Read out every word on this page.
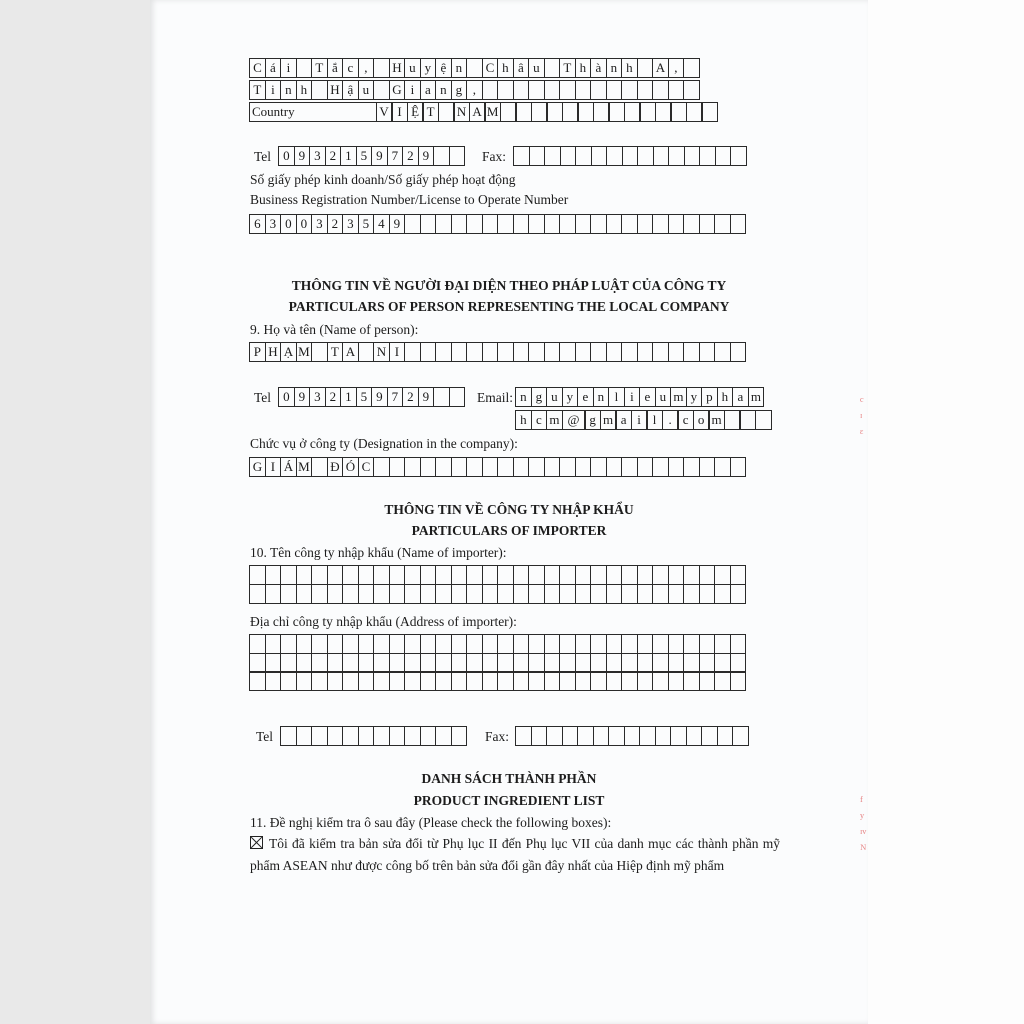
ᶜ
ᶦ
ᵋ
ᶠ
ʸ
ᶦᵛ
ᴺ
C á i	T ắ c ,	H u y ệ n	C h â u	T h à n h	A ,
T i n h	H ậ u	G i a n g ,
Country	V I Ệ T	N A M
Tel 0 9 3 2 1 5 9 7 2 9	Fax:
Số giấy phép kinh doanh/Số giấy phép hoạt động
Business Registration Number/License to Operate Number
6 3 0 0 3 2 3 5 4 9
THÔNG TIN VỀ NGƯỜI ĐẠI DIỆN THEO PHÁP LUẬT CỦA CÔNG TY
PARTICULARS OF PERSON REPRESENTING THE LOCAL COMPANY
9. Họ và tên (Name of person):
P H Ạ M	T A N I
Tel 0 9 3 2 1 5 9 7 2 9	Email: n g u y e n l i e u m y p h a m
h c m @ g m a i l . c o m
Chức vụ ở công ty (Designation in the company):
G I Á M Đ Ó C
THÔNG TIN VỀ CÔNG TY NHẬP KHẨU
PARTICULARS OF IMPORTER
10. Tên công ty nhập khẩu (Name of importer):
Địa chỉ công ty nhập khẩu (Address of importer):
Tel	Fax:
DANH SÁCH THÀNH PHẦN
PRODUCT INGREDIENT LIST
11. Đề nghị kiểm tra ô sau đây (Please check the following boxes):
Tôi đã kiểm tra bản sửa đổi từ Phụ lục II đến Phụ lục VII của danh mục các thành phần mỹ phẩm ASEAN như được công bố trên bản sửa đổi gần đây nhất của Hiệp định mỹ phẩm
